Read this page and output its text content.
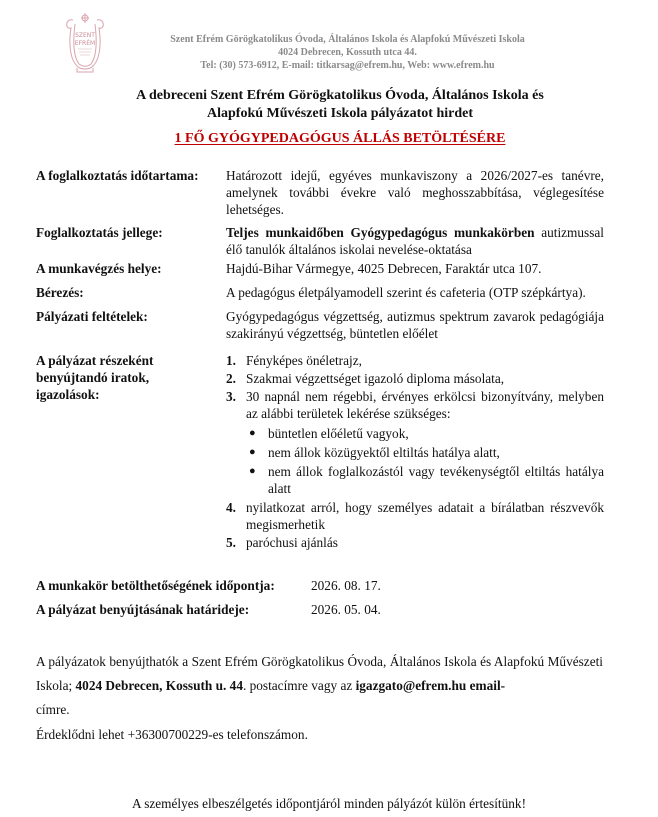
SZENT
EFRÉM	Szent Efrém Görögkatolikus Óvoda, Általános Iskola és Alapfokú Művészeti Iskola
4024 Debrecen, Kossuth utca 44.
Tel: (30) 573-6912, E-mail: titkarsag@efrem.hu, Web: www.efrem.hu
A debreceni Szent Efrém Görögkatolikus Óvoda, Általános Iskola és
Alapfokú Művészeti Iskola pályázatot hirdet
1 FŐ GYÓGYPEDAGÓGUS ÁLLÁS BETÖLTÉSÉRE
A foglalkoztatás időtartama:	Határozott idejű, egyéves munkaviszony a 2026/2027-es tanévre, amelynek további évekre való meghosszabbítása, véglegesítése lehetséges.
Foglalkoztatás jellege:	Teljes munkaidőben Gyógypedagógus munkakörben autizmussal élő tanulók általános iskolai nevelése-oktatása
A munkavégzés helye:	Hajdú-Bihar Vármegye, 4025 Debrecen, Faraktár utca 107.
Bérezés:	A pedagógus életpályamodell szerint és cafeteria (OTP szépkártya).
Pályázati feltételek:	Gyógypedagógus végzettség, autizmus spektrum zavarok pedagógiája szakirányú végzettség, büntetlen előélet
A pályázat részeként benyújtandó iratok, igazolások:
1. Fényképes önéletrajz,
2. Szakmai végzettséget igazoló diploma másolata,
3. 30 napnál nem régebbi, érvényes erkölcsi bizonyítvány, melyben az alábbi területek lekérése szükséges:
● büntetlen előéletű vagyok,
● nem állok közügyektől eltiltás hatálya alatt,
● nem állok foglalkozástól vagy tevékenységtől eltiltás hatálya alatt
4. nyilatkozat arról, hogy személyes adatait a bírálatban részvevők megismerhetik
5. paróchusi ajánlás
A munkakör betölthetőségének időpontja:	2026. 08. 17.
A pályázat benyújtásának határideje:	2026. 05. 04.
A pályázatok benyújthatók a Szent Efrém Görögkatolikus Óvoda, Általános Iskola és Alapfokú Művészeti Iskola; 4024 Debrecen, Kossuth u. 44. postacímre vagy az igazgato@efrem.hu email-
címre.
Érdeklődni lehet +36300700229-es telefonszámon.
A személyes elbeszélgetés időpontjáról minden pályázót külön értesítünk!
